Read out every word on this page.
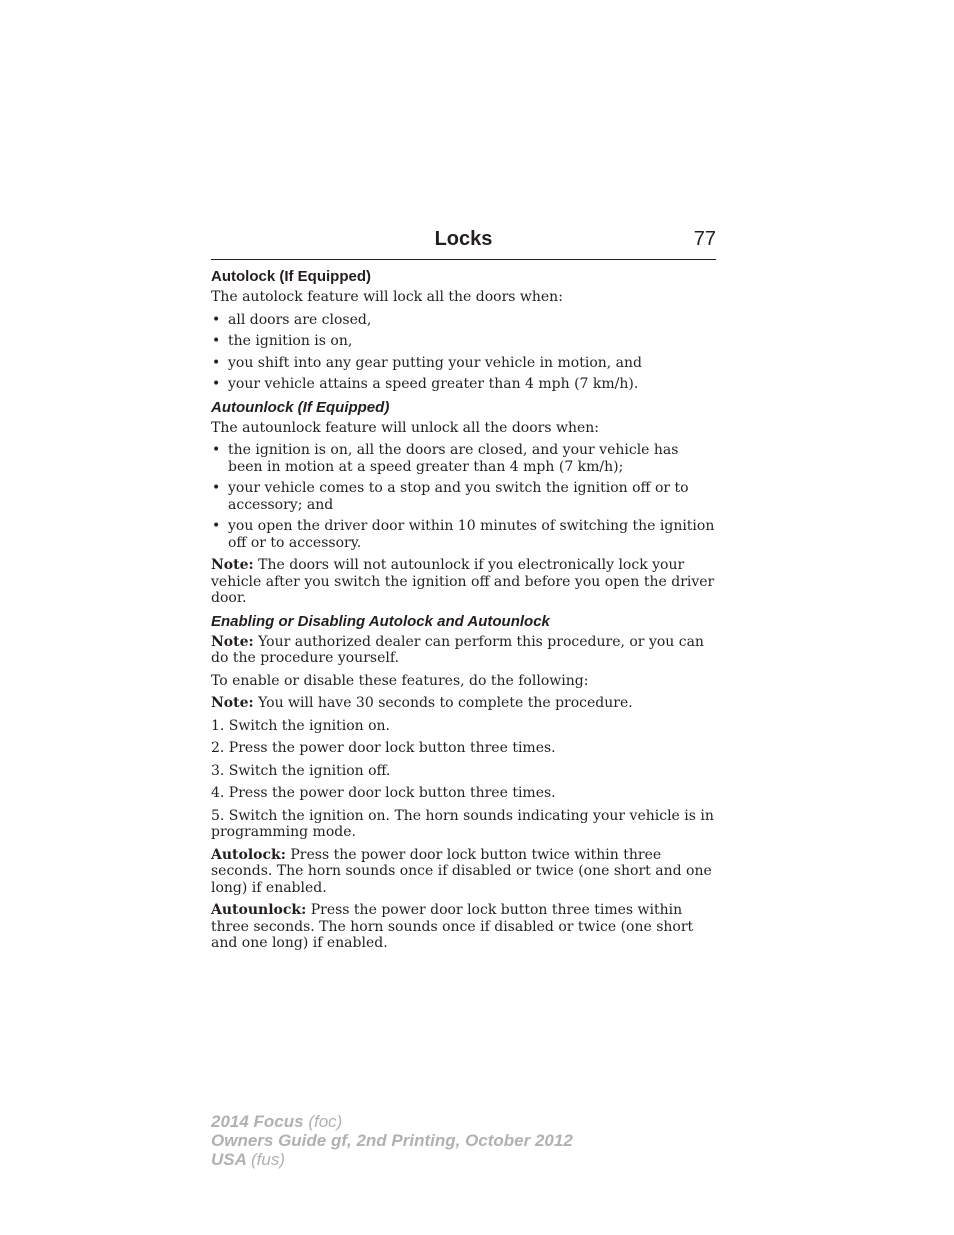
Locks	77
Autolock (If Equipped)

The autolock feature will lock all the doors when:

• all doors are closed,
• the ignition is on,
• you shift into any gear putting your vehicle in motion, and
• your vehicle attains a speed greater than 4 mph (7 km/h).
Autounlock (If Equipped)

The autounlock feature will unlock all the doors when:

• the ignition is on, all the doors are closed, and your vehicle has been in motion at a speed greater than 4 mph (7 km/h);
• your vehicle comes to a stop and you switch the ignition off or to accessory; and
• you open the driver door within 10 minutes of switching the ignition off or to accessory.

Note: The doors will not autounlock if you electronically lock your vehicle after you switch the ignition off and before you open the driver door.

Enabling or Disabling Autolock and Autounlock

Note: Your authorized dealer can perform this procedure, or you can do the procedure yourself.

To enable or disable these features, do the following:

Note: You will have 30 seconds to complete the procedure.

1. Switch the ignition on.

2. Press the power door lock button three times.

3. Switch the ignition off.

4. Press the power door lock button three times.

5. Switch the ignition on. The horn sounds indicating your vehicle is in programming mode.

Autolock: Press the power door lock button twice within three seconds. The horn sounds once if disabled or twice (one short and one long) if enabled.

Autounlock: Press the power door lock button three times within three seconds. The horn sounds once if disabled or twice (one short and one long) if enabled.

2014 Focus (foc)
Owners Guide gf, 2nd Printing, October 2012
USA (fus)
